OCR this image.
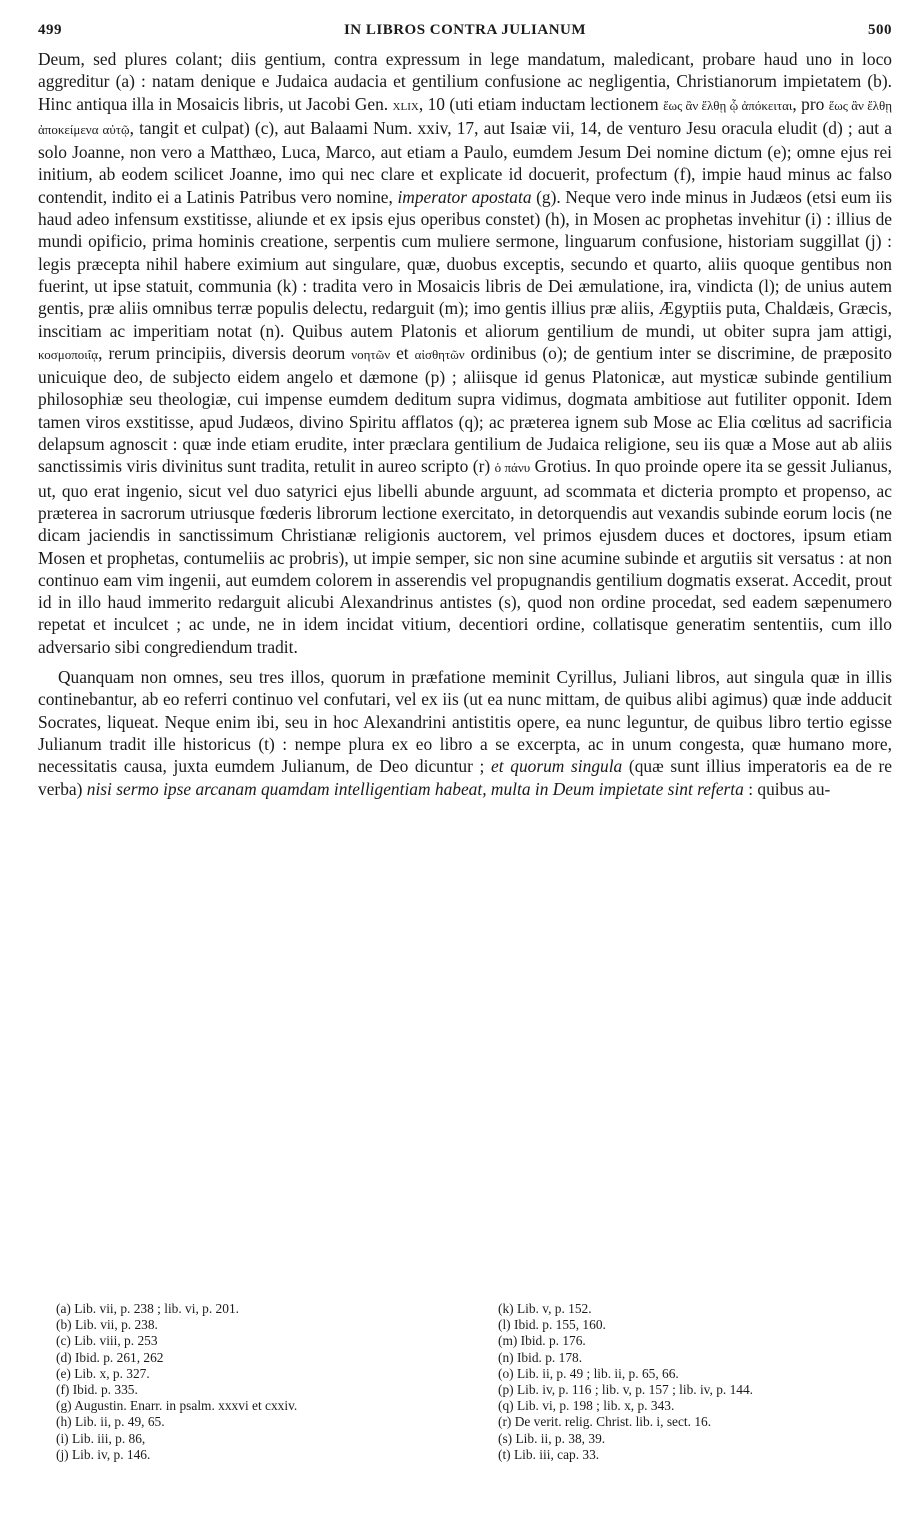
499	IN LIBROS CONTRA JULIANUM	500

Deum, sed plures colant; diis gentium, contra expressum in lege mandatum, maledicant, probare haud uno in loco aggreditur (a) : natam denique e Judaica audacia et gentilium confusione ac negligentia, Christianorum impietatem (b). Hinc antiqua illa in Mosaicis libris, ut Jacobi Gen. xlix, 10 (uti etiam inductam lectionem ἕως ἂν ἔλθῃ ᾧ ἀπόκειται, pro ἕως ἂν ἔλθῃ ἀποκείμενα αὐτῷ, tangit et culpat) (c), aut Balaami Num. xxiv, 17, aut Isaiæ vii, 14, de venturo Jesu oracula eludit (d) ; aut a solo Joanne, non vero a Matthæo, Luca, Marco, aut etiam a Paulo, eumdem Jesum Dei nomine dictum (e); omne ejus rei initium, ab eodem scilicet Joanne, imo qui nec clare et explicate id docuerit, profectum (f), impie haud minus ac falso contendit, indito ei a Latinis Patribus vero nomine, imperator apostata (g). Neque vero inde minus in Judæos (etsi eum iis haud adeo infensum exstitisse, aliunde et ex ipsis ejus operibus constet) (h), in Mosen ac prophetas invehitur (i) : illius de mundi opificio, prima hominis creatione, serpentis cum muliere sermone, linguarum confusione, historiam suggillat (j) : legis præcepta nihil habere eximium aut singulare, quæ, duobus exceptis, secundo et quarto, aliis quoque gentibus non fuerint, ut ipse statuit, communia (k) : tradita vero in Mosaicis libris de Dei æmulatione, ira, vindicta (l); de unius autem gentis, præ aliis omnibus terræ populis delectu, redarguit (m); imo gentis illius præ aliis, Ægyptiis puta, Chaldæis, Græcis, inscitiam ac imperitiam notat (n). Quibus autem Platonis et aliorum gentilium de mundi, ut obiter supra jam attigi, κοσμοποιΐᾳ, rerum principiis, diversis deorum νοητῶν et αἰσθητῶν ordinibus (o); de gentium inter se discrimine, de præposito unicuique deo, de subjecto eidem angelo et dæmone (p) ; aliisque id genus Platonicæ, aut mysticæ subinde gentilium philosophiæ seu theologiæ, cui impense eumdem deditum supra vidimus, dogmata ambitiose aut futiliter opponit. Idem tamen viros exstitisse, apud Judæos, divino Spiritu afflatos (q); ac præterea ignem sub Mose ac Elia cœlitus ad sacrificia delapsum agnoscit : quæ inde etiam erudite, inter præclara gentilium de Judaica religione, seu iis quæ a Mose aut ab aliis sanctissimis viris divinitus sunt tradita, retulit in aureo scripto (r) ὁ πάνυ Grotius. In quo proinde opere ita se gessit Julianus, ut, quo erat ingenio, sicut vel duo satyrici ejus libelli abunde arguunt, ad scommata et dicteria prompto et propenso, ac præterea in sacrorum utriusque fœderis librorum lectione exercitato, in detorquendis aut vexandis subinde eorum locis (ne dicam jaciendis in sanctissimum Christianæ religionis auctorem, vel primos ejusdem duces et doctores, ipsum etiam Mosen et prophetas, contumeliis ac probris), ut impie semper, sic non sine acumine subinde et argutiis sit versatus : at non continuo eam vim ingenii, aut eumdem colorem in asserendis vel propugnandis gentilium dogmatis exserat. Accedit, prout id in illo haud immerito redarguit alicubi Alexandrinus antistes (s), quod non ordine procedat, sed eadem sæpenumero repetat et inculcet ; ac unde, ne in idem incidat vitium, decentiori ordine, collatisque generatim sententiis, cum illo adversario sibi congrediendum tradit.

Quanquam non omnes, seu tres illos, quorum in præfatione meminit Cyrillus, Juliani libros, aut singula quæ in illis continebantur, ab eo referri continuo vel confutari, vel ex iis (ut ea nunc mittam, de quibus alibi agimus) quæ inde adducit Socrates, liqueat. Neque enim ibi, seu in hoc Alexandrini antistitis opere, ea nunc leguntur, de quibus libro tertio egisse Julianum tradit ille historicus (t) : nempe plura ex eo libro a se excerpta, ac in unum congesta, quæ humano more, necessitatis causa, juxta eumdem Julianum, de Deo dicuntur ; et quorum singula (quæ sunt illius imperatoris ea de re verba) nisi sermo ipse arcanam quamdam intelligentiam habeat, multa in Deum impietate sint referta : quibus au-

(a) Lib. vii, p. 238 ; lib. vi, p. 201.
(b) Lib. vii, p. 238.
(c) Lib. viii, p. 253
(d) Ibid. p. 261, 262
(e) Lib. x, p. 327.
(f) Ibid. p. 335.
(g) Augustin. Enarr. in psalm. xxxvi et cxxiv.
(h) Lib. ii, p. 49, 65.
(i) Lib. iii, p. 86,
(j) Lib. iv, p. 146.
(k) Lib. v, p. 152.
(l) Ibid. p. 155, 160.
(m) Ibid. p. 176.
(n) Ibid. p. 178.
(o) Lib. ii, p. 49 ; lib. ii, p. 65, 66.
(p) Lib. iv, p. 116 ; lib. v, p. 157 ; lib. iv, p. 144.
(q) Lib. vi, p. 198 ; lib. x, p. 343.
(r) De verit. relig. Christ. lib. i, sect. 16.
(s) Lib. ii, p. 38, 39.
(t) Lib. iii, cap. 33.
